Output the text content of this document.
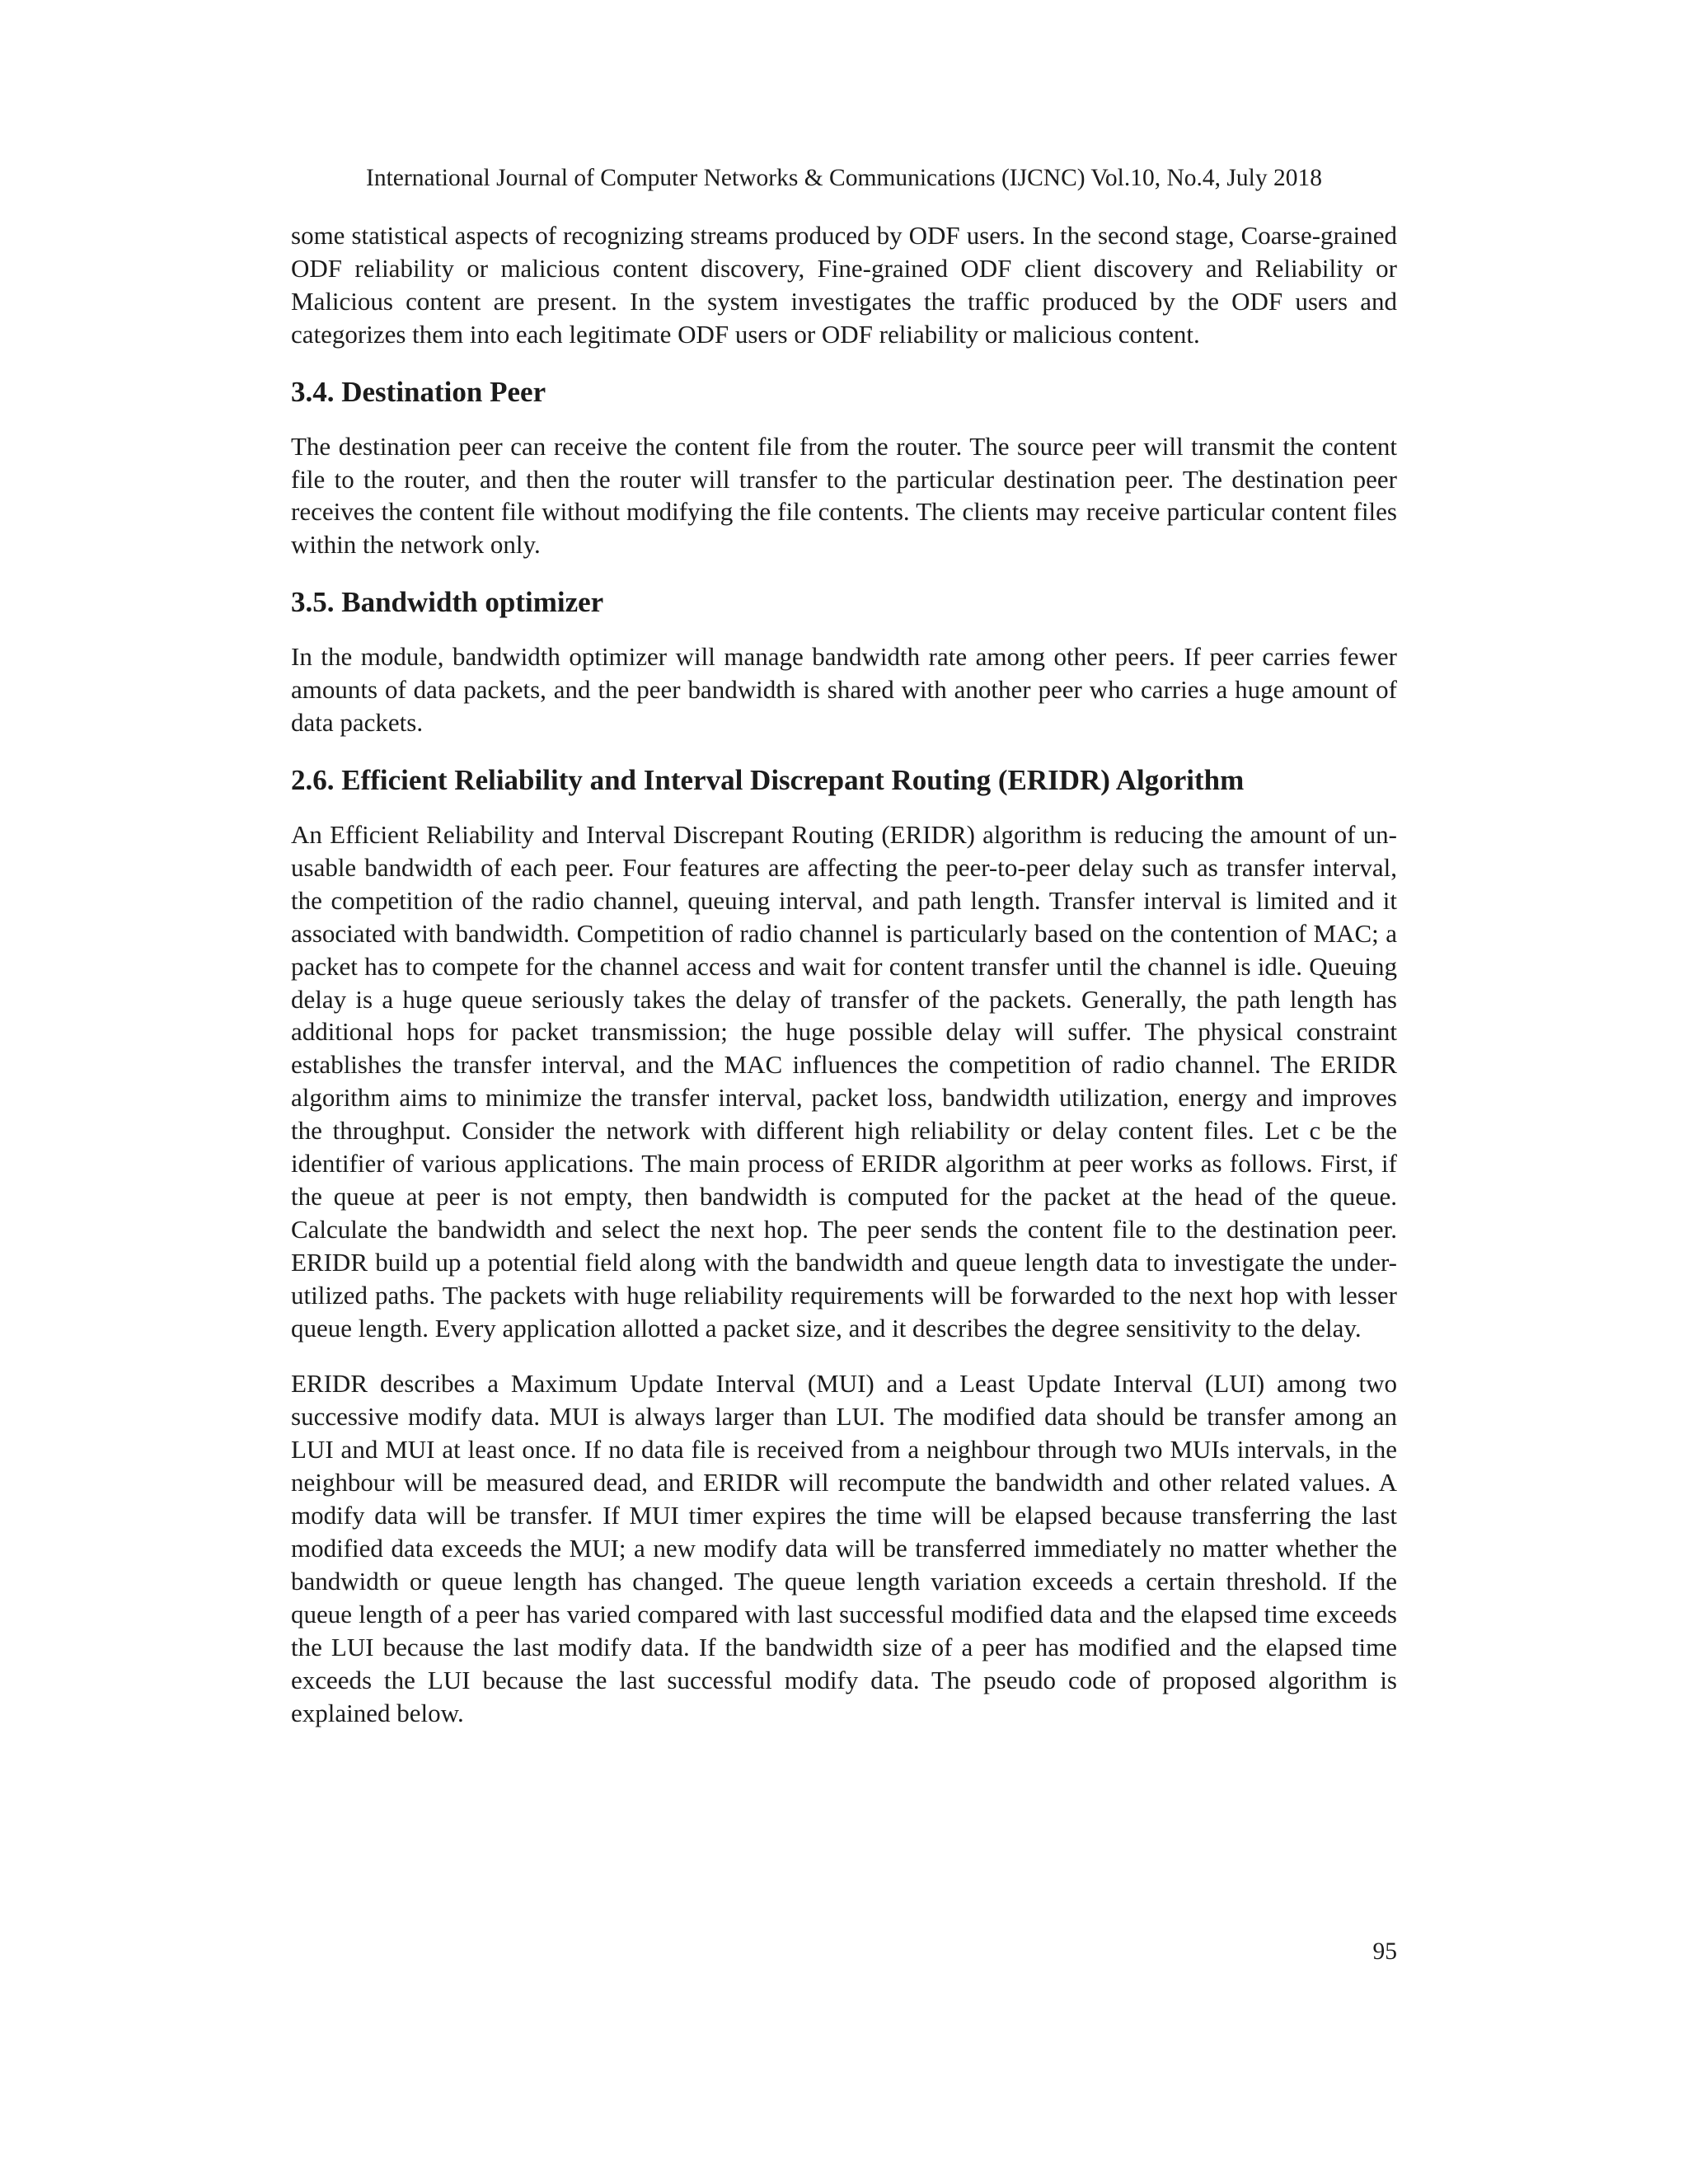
International Journal of Computer Networks & Communications (IJCNC) Vol.10, No.4, July 2018

some statistical aspects of recognizing streams produced by ODF users. In the second stage, Coarse-grained ODF reliability or malicious content discovery, Fine-grained ODF client discovery and Reliability or Malicious content are present. In the system investigates the traffic produced by the ODF users and categorizes them into each legitimate ODF users or ODF reliability or malicious content.

3.4. Destination Peer

The destination peer can receive the content file from the router. The source peer will transmit the content file to the router, and then the router will transfer to the particular destination peer. The destination peer receives the content file without modifying the file contents. The clients may receive particular content files within the network only.

3.5. Bandwidth optimizer

In the module, bandwidth optimizer will manage bandwidth rate among other peers. If peer carries fewer amounts of data packets, and the peer bandwidth is shared with another peer who carries a huge amount of data packets.

2.6. Efficient Reliability and Interval Discrepant Routing (ERIDR) Algorithm

An Efficient Reliability and Interval Discrepant Routing (ERIDR) algorithm is reducing the amount of un-usable bandwidth of each peer. Four features are affecting the peer-to-peer delay such as transfer interval, the competition of the radio channel, queuing interval, and path length. Transfer interval is limited and it associated with bandwidth. Competition of radio channel is particularly based on the contention of MAC; a packet has to compete for the channel access and wait for content transfer until the channel is idle. Queuing delay is a huge queue seriously takes the delay of transfer of the packets. Generally, the path length has additional hops for packet transmission; the huge possible delay will suffer. The physical constraint establishes the transfer interval, and the MAC influences the competition of radio channel. The ERIDR algorithm aims to minimize the transfer interval, packet loss, bandwidth utilization, energy and improves the throughput. Consider the network with different high reliability or delay content files. Let c be the identifier of various applications. The main process of ERIDR algorithm at peer works as follows. First, if the queue at peer is not empty, then bandwidth is computed for the packet at the head of the queue. Calculate the bandwidth and select the next hop. The peer sends the content file to the destination peer. ERIDR build up a potential field along with the bandwidth and queue length data to investigate the under-utilized paths. The packets with huge reliability requirements will be forwarded to the next hop with lesser queue length. Every application allotted a packet size, and it describes the degree sensitivity to the delay.

ERIDR describes a Maximum Update Interval (MUI) and a Least Update Interval (LUI) among two successive modify data. MUI is always larger than LUI. The modified data should be transfer among an LUI and MUI at least once. If no data file is received from a neighbour through two MUIs intervals, in the neighbour will be measured dead, and ERIDR will recompute the bandwidth and other related values. A modify data will be transfer. If MUI timer expires the time will be elapsed because transferring the last modified data exceeds the MUI; a new modify data will be transferred immediately no matter whether the bandwidth or queue length has changed. The queue length variation exceeds a certain threshold. If the queue length of a peer has varied compared with last successful modified data and the elapsed time exceeds the LUI because the last modify data. If the bandwidth size of a peer has modified and the elapsed time exceeds the LUI because the last successful modify data. The pseudo code of proposed algorithm is explained below.

95
